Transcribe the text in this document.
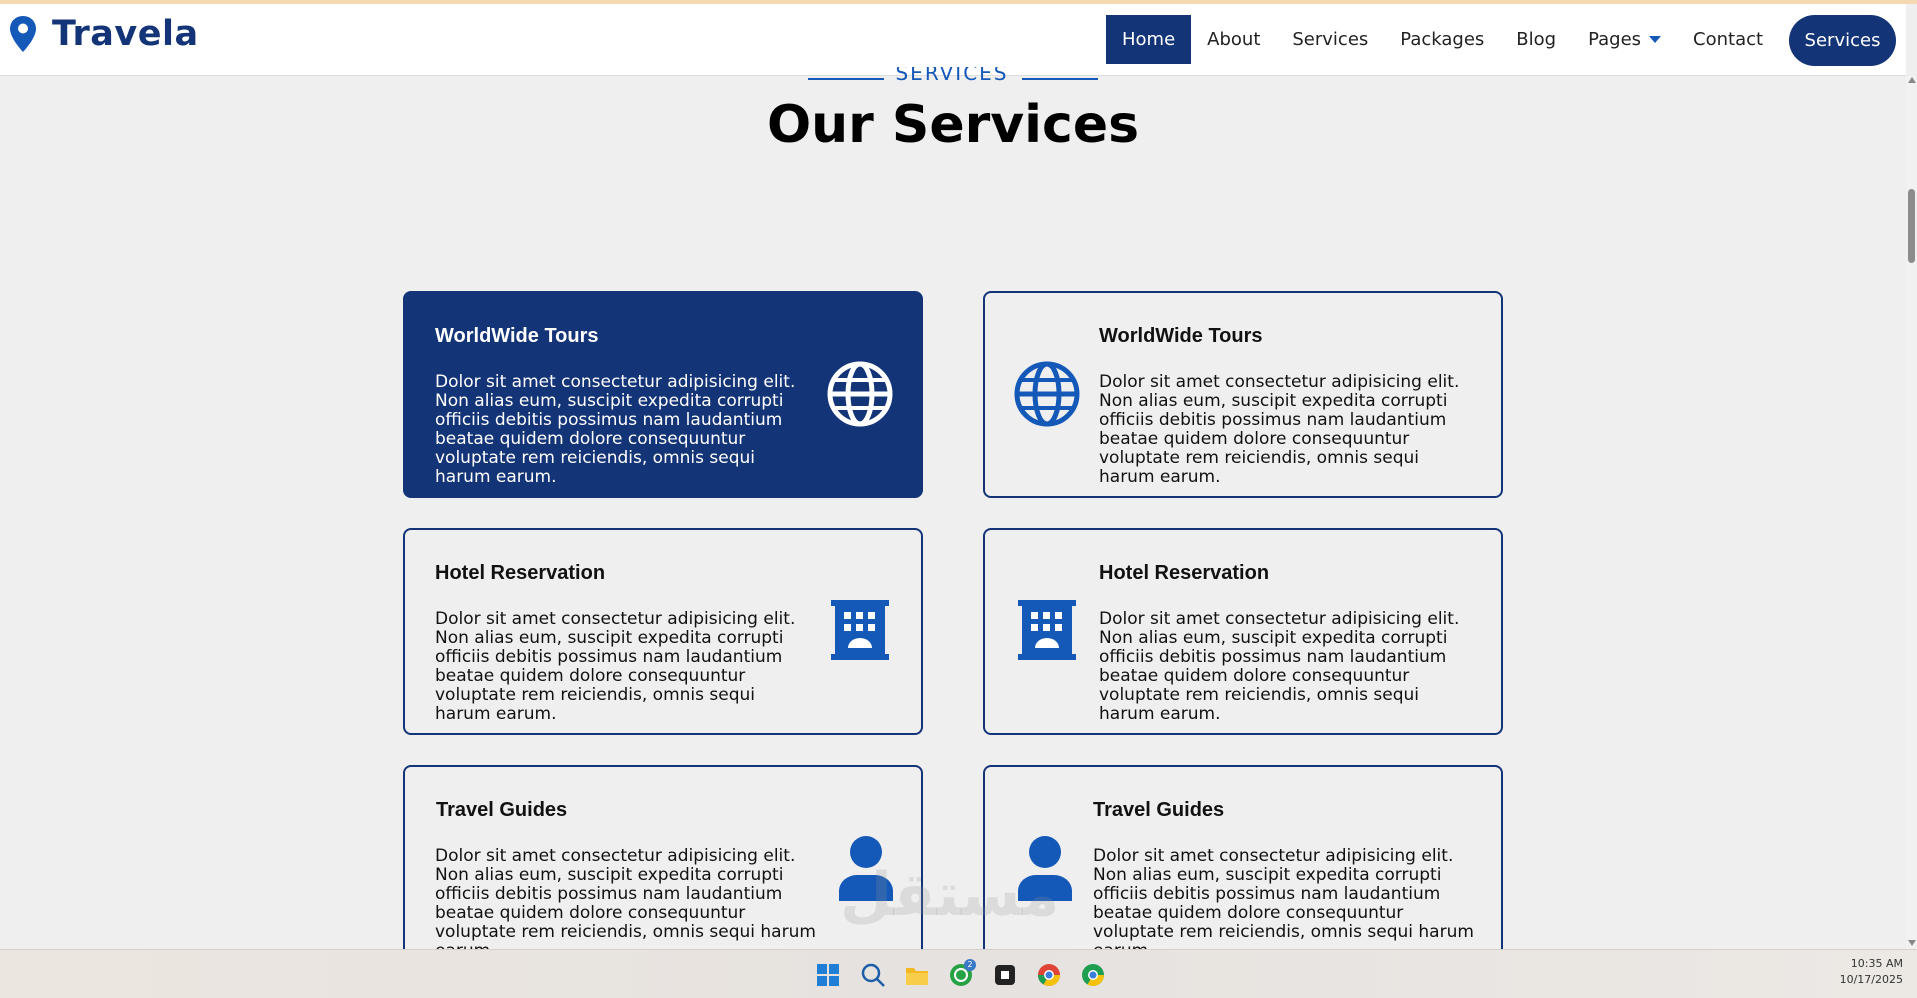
Travela	Home	About	Services	Packages	Blog	Pages	Contact	Services
SERVICES
Our Services
WorldWide Tours
Dolor sit amet consectetur adipisicing elit. Non alias eum, suscipit expedita corrupti officiis debitis possimus nam laudantium beatae quidem dolore consequuntur voluptate rem reiciendis, omnis sequi harum earum.
WorldWide Tours
Dolor sit amet consectetur adipisicing elit. Non alias eum, suscipit expedita corrupti officiis debitis possimus nam laudantium beatae quidem dolore consequuntur voluptate rem reiciendis, omnis sequi harum earum.
Hotel Reservation
Dolor sit amet consectetur adipisicing elit. Non alias eum, suscipit expedita corrupti officiis debitis possimus nam laudantium beatae quidem dolore consequuntur voluptate rem reiciendis, omnis sequi harum earum.
Hotel Reservation
Dolor sit amet consectetur adipisicing elit. Non alias eum, suscipit expedita corrupti officiis debitis possimus nam laudantium beatae quidem dolore consequuntur voluptate rem reiciendis, omnis sequi harum earum.
Travel Guides
Dolor sit amet consectetur adipisicing elit. Non alias eum, suscipit expedita corrupti officiis debitis possimus nam laudantium beatae quidem dolore consequuntur voluptate rem reiciendis, omnis sequi harum
Travel Guides
Dolor sit amet consectetur adipisicing elit. Non alias eum, suscipit expedita corrupti officiis debitis possimus nam laudantium beatae quidem dolore consequuntur voluptate rem reiciendis, omnis sequi harum
مستقل
2	10:35 AM
10/17/2025
